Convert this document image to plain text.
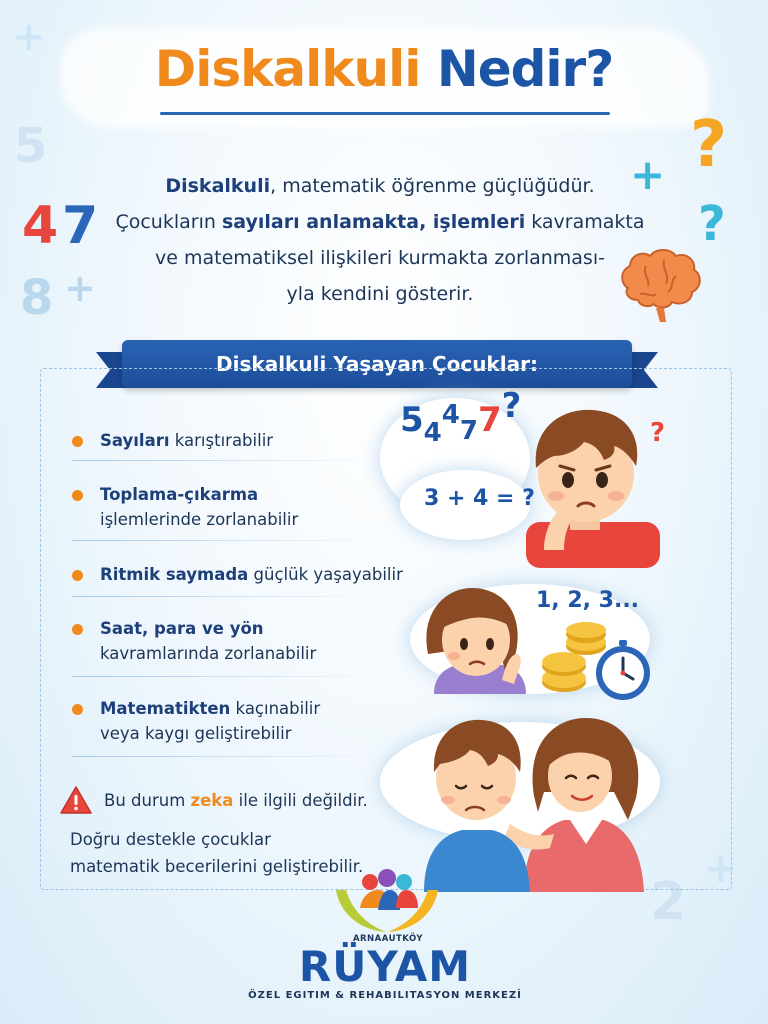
+
5
4 7
8 +
?
?
+
2
+
Diskalkuli Nedir?
Diskalkuli, matematik öğrenme güçlüğüdür.
Çocukların sayıları anlamakta, işlemleri kavramakta
ve matematiksel ilişkileri kurmakta zorlanması-
yla kendini gösterir.
Diskalkuli Yaşayan Çocuklar:
Sayıları karıştırabilir
Toplama-çıkarma
işlemlerinde zorlanabilir
Ritmik saymada güçlük yaşayabilir
Saat, para ve yön
kavramlarında zorlanabilir
Matematikten kaçınabilir
veya kaygı geliştirebilir
Bu durum zeka ile ilgili değildir.
Doğru destekle çocuklar
matematik becerilerini geliştirebilir.
$5_4^4_77$?
3 + 4 = ?
?
1, 2, 3...
ARNAAUTKÖY
RÜYAM
ÖZEL EGITIM & REHABILITASYON MERKEZİ
